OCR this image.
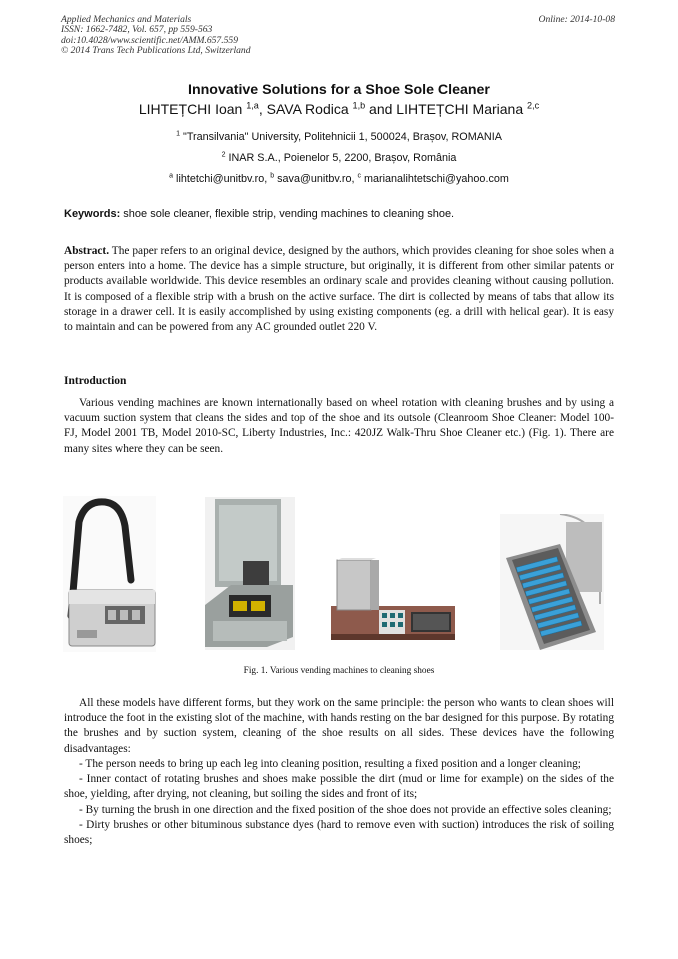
Applied Mechanics and Materials
ISSN: 1662-7482, Vol. 657, pp 559-563
doi:10.4028/www.scientific.net/AMM.657.559
© 2014 Trans Tech Publications Ltd, Switzerland
Online: 2014-10-08
Innovative Solutions for a Shoe Sole Cleaner
LIHTEȚCHI Ioan $^{1,a}$, SAVA Rodica $^{1,b}$ and LIHTEȚCHI Mariana $^{2,c}$
$^1$ "Transilvania" University, Politehnicii 1, 500024, Brașov, ROMANIA
$^2$ INAR S.A., Poienelor 5, 2200, Brașov, România
$^a$ lihtetchi@unitbv.ro, $^b$ sava@unitbv.ro, $^c$ marianalihtetschi@yahoo.com
Keywords: shoe sole cleaner, flexible strip, vending machines to cleaning shoe.
Abstract. The paper refers to an original device, designed by the authors, which provides cleaning for shoe soles when a person enters into a home. The device has a simple structure, but originally, it is different from other similar patents or products available worldwide. This device resembles an ordinary scale and provides cleaning without causing pollution. It is composed of a flexible strip with a brush on the active surface. The dirt is collected by means of tabs that allow its storage in a drawer cell. It is easily accomplished by using existing components (eg. a drill with helical gear). It is easy to maintain and can be powered from any AC grounded outlet 220 V.
Introduction
Various vending machines are known internationally based on wheel rotation with cleaning brushes and by using a vacuum suction system that cleans the sides and top of the shoe and its outsole (Cleanroom Shoe Cleaner: Model 100-FJ, Model 2001 TB, Model 2010-SC, Liberty Industries, Inc.: 420JZ Walk-Thru Shoe Cleaner etc.) (Fig. 1). There are many sites where they can be seen.
Fig. 1. Various vending machines to cleaning shoes
All these models have different forms, but they work on the same principle: the person who wants to clean shoes will introduce the foot in the existing slot of the machine, with hands resting on the bar designed for this purpose. By rotating the brushes and by suction system, cleaning of the shoe results on all sides. These devices have the following disadvantages:

- The person needs to bring up each leg into cleaning position, resulting a fixed position and a longer cleaning;

- Inner contact of rotating brushes and shoes make possible the dirt (mud or lime for example) on the sides of the shoe, yielding, after drying, not cleaning, but soiling the sides and front of its;

- By turning the brush in one direction and the fixed position of the shoe does not provide an effective soles cleaning;

- Dirty brushes or other bituminous substance dyes (hard to remove even with suction) introduces the risk of soiling shoes;
